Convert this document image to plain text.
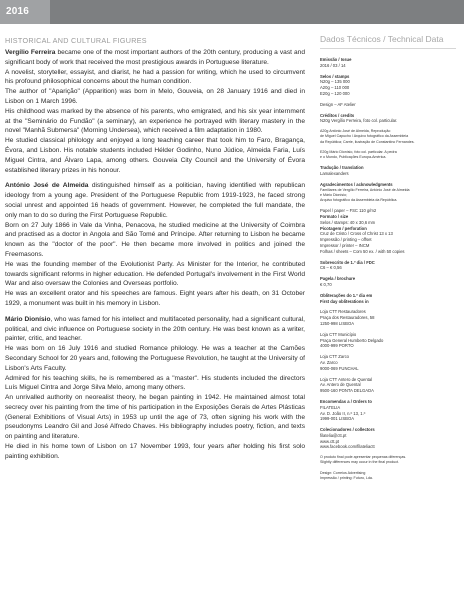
2016

HISTORICAL AND CULTURAL FIGURES

Vergílio Ferreira became one of the most important authors of the 20th century, producing a vast and significant body of work that received the most prestigious awards in Portuguese literature.

A novelist, storyteller, essayist, and diarist, he had a passion for writing, which he used to circumvent his profound philosophical concerns about the human condition.

The author of "Aparição" (Apparition) was born in Melo, Gouveia, on 28 January 1916 and died in Lisbon on 1 March 1996.

His childhood was marked by the absence of his parents, who emigrated, and his six year internment at the "Seminário do Fundão" (a seminary), an experience he portrayed with literary mastery in the novel "Manhã Submersa" (Morning Undersea), which received a film adaptation in 1980.

He studied classical philology and enjoyed a long teaching career that took him to Faro, Bragança, Évora, and Lisbon. His notable students included Hélder Godinho, Nuno Júdice, Almeida Faria, Luís Miguel Cintra, and Álvaro Lapa, among others. Gouveia City Council and the University of Évora established literary prizes in his honour.

António José de Almeida distinguished himself as a politician, having identified with republican ideology from a young age. President of the Portuguese Republic from 1919-1923, he faced strong social unrest and appointed 16 heads of government. However, he completed the full mandate, the only man to do so during the First Portuguese Republic.

Born on 27 July 1866 in Vale da Vinha, Penacova, he studied medicine at the University of Coimbra and practised as a doctor in Angola and São Tomé and Príncipe. After returning to Lisbon he became known as the "doctor of the poor". He then became more involved in politics and joined the Freemasons.

He was the founding member of the Evolutionist Party. As Minister for the Interior, he contributed towards significant reforms in higher education. He defended Portugal's involvement in the First World War and also oversaw the Colonies and Overseas portfolio.

He was an excellent orator and his speeches are famous. Eight years after his death, on 31 October 1929, a monument was built in his memory in Lisbon.

Mário Dionísio, who was famed for his intellect and multifaceted personality, had a significant cultural, political, and civic influence on Portuguese society in the 20th century. He was best known as a writer, painter, critic, and teacher.

He was born on 16 July 1916 and studied Romance philology. He was a teacher at the Camões Secondary School for 20 years and, following the Portuguese Revolution, he taught at the University of Lisbon's Arts Faculty.

Admired for his teaching skills, he is remembered as a "master". His students included the directors Luís Miguel Cintra and Jorge Silva Melo, among many others.

An unrivalled authority on neorealist theory, he began painting in 1942. He maintained almost total secrecy over his painting from the time of his participation in the Exposições Gerais de Artes Plásticas (General Exhibitions of Visual Arts) in 1953 up until the age of 73, often signing his work with the pseudonyms Leandro Gil and José Alfredo Chaves. His bibliography includes poetry, fiction, and texts on painting and literature.

He died in his home town of Lisbon on 17 November 1993, four years after holding his first solo painting exhibition.

Dados Técnicos / Technical Data

Emissão / Issue

2016 / 03 / 14

Selos / stamps

N20g – 135 000

A20g – 110 000

E20g – 120 000

Design – AF Atelier

Créditos / credits

N20g Vergílio Ferreira, foto col. particular.

A20g António José de Almeida, Reprodução

de Miguel Capucho / Arquivo fotográfico da Assembleia

da República; Carrie, ilustração de Constantino Fernandes.

E20g Mário Dionísio, foto col. particular. A pedra

e o Mundo, Publicações Europa-América.

Tradução / translation

Lamalexanders

Agradecimentos / acknowledgments

Familiares de Vergílio Ferreira, António José de Almeida

e Mário Dionísio;

Arquivo fotográfico da Assembleia da República.

Papel / paper – FSC 110 g/m2

Formato / size

Selos / stamps: 40 x 30,6 mm

Picotagem / perforation

Cruz de Cristo / Cross of Christ 13 x 13

Impressão / printing – offset

Impressor / printer – INCM

Folhas / sheets – Com 50 ex. / with 50 copies

Sobrescrito de 1.º dia / FDC

C6 – € 0,56

Pagela / brochure

€ 0,70

Obliterações do 1.º dia em

First day obliterations in

Loja CTT Restauradores

Praça dos Restauradores, 58

1250-998 LISBOA

Loja CTT Município

Praça General Humberto Delgado

4000-999 PORTO

Loja CTT Zarco

Av. Zarco

9000-069 FUNCHAL

Loja CTT Antero de Quental

Av. Antero de Quental

9500-160 PONTA DELGADA

Encomendas a / Orders to

FILATELIA

Av. D. João II, n.º 13, 1.º

1999-001 LISBOA

Colecionadores / collectors

filatelia@ctt.pt

www.ctt.pt

www.facebook.com/filateliactt

O produto final pode apresentar pequenas diferenças.

Slightly differences may occur in the final product.

Design: Correios Advertising

Impressão / printing: Futuro, Lda.
